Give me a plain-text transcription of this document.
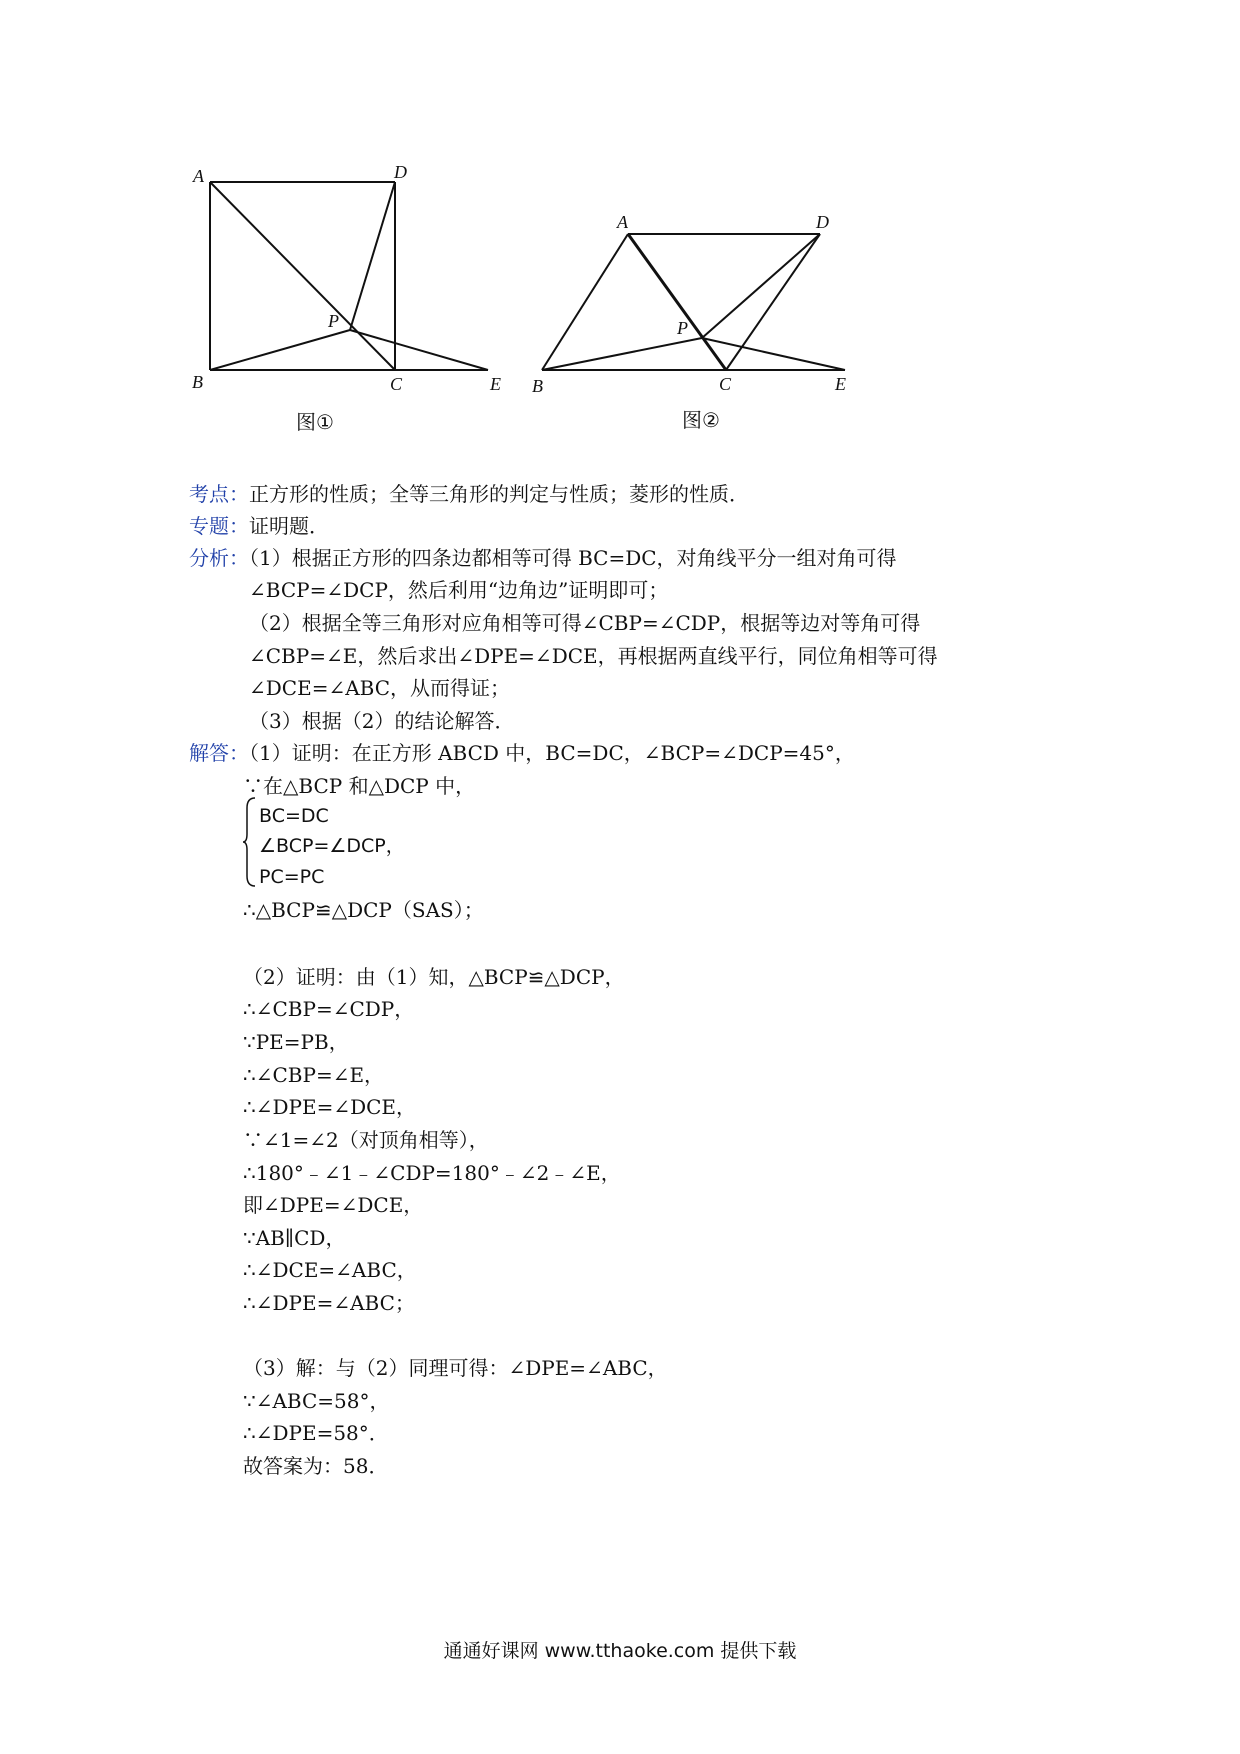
A	D
B	C	E
P
图①
A	D
B	C	E
P
图②
考点：正方形的性质；全等三角形的判定与性质；菱形的性质．
专题：证明题．
分析：（1）根据正方形的四条边都相等可得 BC=DC，对角线平分一组对角可得
∠BCP=∠DCP，然后利用“边角边”证明即可；
（2）根据全等三角形对应角相等可得∠CBP=∠CDP，根据等边对等角可得
∠CBP=∠E，然后求出∠DPE=∠DCE，再根据两直线平行，同位角相等可得
∠DCE=∠ABC，从而得证；
（3）根据（2）的结论解答．
解答：（1）证明：在正方形 ABCD 中，BC=DC，∠BCP=∠DCP=45°，
∵在△BCP 和△DCP 中，
BC=DC
∠BCP=∠DCP，
PC=PC
∴△BCP≌△DCP（SAS）；
（2）证明：由（1）知，△BCP≌△DCP，
∴∠CBP=∠CDP，
∵PE=PB，
∴∠CBP=∠E，
∴∠DPE=∠DCE，
∵∠1=∠2（对顶角相等），
∴180°﹣∠1﹣∠CDP=180°﹣∠2﹣∠E，
即∠DPE=∠DCE，
∵AB∥CD，
∴∠DCE=∠ABC，
∴∠DPE=∠ABC；
（3）解：与（2）同理可得：∠DPE=∠ABC，
∵∠ABC=58°，
∴∠DPE=58°．
故答案为：58．
通通好课网 www.tthaoke.com 提供下载
